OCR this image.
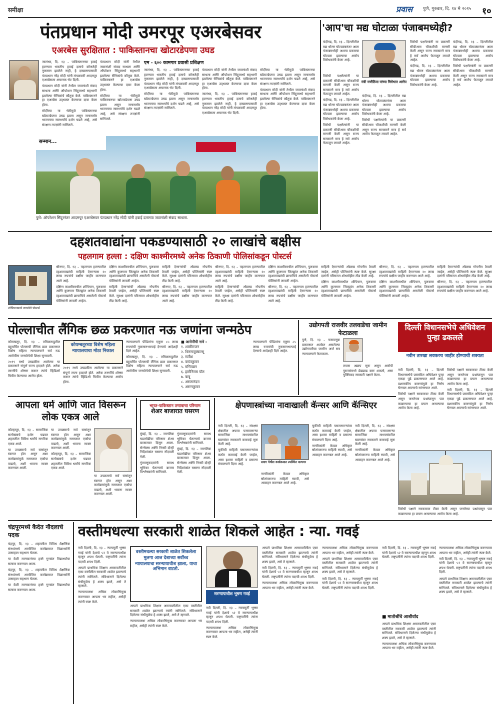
समीक्षा	प्रवास पुणे, गुरुवार, दि. १४ मे २०१५ १०
पंतप्रधान मोदी उमरपूर एअरबेसवर
एअरबेस सुरक्षितात : पाकिस्तानचा खोटारडेपणा उघड

जालंधर, दि. १३ – पाकिस्तानच्या हवाई हल्ल्यात भारतीय हवाई दलाचे कोणतेही नुकसान झालेले नाही, हे दाखवण्यासाठी पंतप्रधान नरेंद्र मोदी यांनी मंगळवारी आदमपूर एअरबेसला अचानक भेट दिली.

पंतप्रधान मोदी यांनी तेथील जवानांशी संवाद साधला आणि ऑपरेशन सिंदूरमध्ये सहभागी झालेल्या सैनिकांचे कौतुक केले. पाकिस्तानने हा एअरबेस उद्ध्वस्त केल्याचा दावा केला होता.

मोदींच्या या भेटीमुळे पाकिस्तानचा खोटारडेपणा उघड झाला असून जगासमोर भारताच्या सामर्थ्याचे दर्शन घडले आहे, असे संरक्षण तज्ज्ञांनी सांगितले.

पंतप्रधान मोदी यांनी तेथील जवानांशी संवाद साधला आणि ऑपरेशन सिंदूरमध्ये सहभागी झालेल्या सैनिकांचे कौतुक केले. पाकिस्तानने हा एअरबेस उद्ध्वस्त केल्याचा दावा केला होता.

मोदींच्या या भेटीमुळे पाकिस्तानचा खोटारडेपणा उघड झाला असून जगासमोर भारताच्या सामर्थ्याचे दर्शन घडले आहे, असे संरक्षण तज्ज्ञांनी सांगितले.

एम - ६०० कामगार प्रवासी प्रशिक्षण

जालंधर, दि. १३ – पाकिस्तानच्या हवाई हल्ल्यात भारतीय हवाई दलाचे कोणतेही नुकसान झालेले नाही, हे दाखवण्यासाठी पंतप्रधान नरेंद्र मोदी यांनी मंगळवारी आदमपूर एअरबेसला अचानक भेट दिली.

मोदींच्या या भेटीमुळे पाकिस्तानचा खोटारडेपणा उघड झाला असून जगासमोर भारताच्या सामर्थ्याचे दर्शन घडले आहे, असे संरक्षण तज्ज्ञांनी सांगितले.

पंतप्रधान मोदी यांनी तेथील जवानांशी संवाद साधला आणि ऑपरेशन सिंदूरमध्ये सहभागी झालेल्या सैनिकांचे कौतुक केले. पाकिस्तानने हा एअरबेस उद्ध्वस्त केल्याचा दावा केला होता.

जालंधर, दि. १३ – पाकिस्तानच्या हवाई हल्ल्यात भारतीय हवाई दलाचे कोणतेही नुकसान झालेले नाही, हे दाखवण्यासाठी पंतप्रधान नरेंद्र मोदी यांनी मंगळवारी आदमपूर एअरबेसला अचानक भेट दिली.

मोदींच्या या भेटीमुळे पाकिस्तानचा खोटारडेपणा उघड झाला असून जगासमोर भारताच्या सामर्थ्याचे दर्शन घडले आहे, असे संरक्षण तज्ज्ञांनी सांगितले.

पंतप्रधान मोदी यांनी तेथील जवानांशी संवाद साधला आणि ऑपरेशन सिंदूरमध्ये सहभागी झालेल्या सैनिकांचे कौतुक केले. पाकिस्तानने हा एअरबेस उद्ध्वस्त केल्याचा दावा केला होता.

सन्मान...
पुणे: ऑपरेशन सिंदूरनंतर आदमपूर एअरबेसवर पंतप्रधान नरेंद्र मोदी यांनी हवाई दलाच्या जवानांशी संवाद साधला.
'आप'चा मद्य घोटाळा पंजाबमध्येही?

चंदीगड, दि. १३ – दिल्लीतील मद्य धोरण घोटाळ्यानंतर आता पंजाबमध्येही अशाच प्रकारचा घोटाळा झाल्याचा आरोप विरोधकांनी केला आहे.

मंत्री मजीठिया यांच्या विरोधात आरोप

विरोधी पक्षनेत्यांनी या प्रकरणी सीबीआय चौकशीची मागणी केली असून राज्य सरकारने मात्र हे सर्व आरोप फेटाळून लावले आहेत.

चंदीगड, दि. १३ – दिल्लीतील मद्य धोरण घोटाळ्यानंतर आता पंजाबमध्येही अशाच प्रकारचा घोटाळा झाल्याचा आरोप विरोधकांनी केला आहे.

विरोधी पक्षनेत्यांनी या प्रकरणी सीबीआय चौकशीची मागणी केली असून राज्य सरकारने मात्र हे सर्व आरोप फेटाळून लावले आहेत.

चंदीगड, दि. १३ – दिल्लीतील मद्य धोरण घोटाळ्यानंतर आता पंजाबमध्येही अशाच प्रकारचा घोटाळा झाल्याचा आरोप विरोधकांनी केला आहे.

विरोधी पक्षनेत्यांनी या प्रकरणी सीबीआय चौकशीची मागणी केली असून राज्य सरकारने मात्र हे सर्व आरोप फेटाळून लावले आहेत.

विरोधी पक्षनेत्यांनी या प्रकरणी सीबीआय चौकशीची मागणी केली असून राज्य सरकारने मात्र हे सर्व आरोप फेटाळून लावले आहेत.

चंदीगड, दि. १३ – दिल्लीतील मद्य धोरण घोटाळ्यानंतर आता पंजाबमध्येही अशाच प्रकारचा घोटाळा झाल्याचा आरोप विरोधकांनी केला आहे.

चंदीगड, दि. १३ – दिल्लीतील मद्य धोरण घोटाळ्यानंतर आता पंजाबमध्येही अशाच प्रकारचा घोटाळा झाल्याचा आरोप विरोधकांनी केला आहे.

विरोधी पक्षनेत्यांनी या प्रकरणी सीबीआय चौकशीची मागणी केली असून राज्य सरकारने मात्र हे सर्व आरोप फेटाळून लावले आहेत.

दहशतवाद्यांना पकडण्यासाठी २० लाखांचे बक्षीस
पहलगाम हल्ला : दक्षिण काश्मीरमध्ये अनेक ठिकाणी पोलिसांकडून पोस्टर्स
शोपियानमध्ये लावलेले पोस्टर्स

श्रीनगर, दि. १३ – पहलगाम हल्ल्यातील दहशतवाद्यांची माहिती देणाऱ्यास २० लाख रुपयांचे बक्षीस जाहीर करण्यात आले आहे.

दक्षिण काश्मीरमधील शोपियान, पुलवामा आणि कुलगाम जिल्ह्यांत अनेक ठिकाणी दहशतवाद्यांची छायाचित्रे असलेली पोस्टर्स पोलिसांनी लावली आहेत.

दक्षिण काश्मीरमधील शोपियान, पुलवामा आणि कुलगाम जिल्ह्यांत अनेक ठिकाणी दहशतवाद्यांची छायाचित्रे असलेली पोस्टर्स पोलिसांनी लावली आहेत.

माहिती देणाऱ्यांची ओळख गोपनीय ठेवली जाईल, असेही पोलिसांनी स्पष्ट केले. सुरक्षा दलांनी परिसरात शोधमोहीम तीव्र केली आहे.

माहिती देणाऱ्यांची ओळख गोपनीय ठेवली जाईल, असेही पोलिसांनी स्पष्ट केले. सुरक्षा दलांनी परिसरात शोधमोहीम तीव्र केली आहे.

श्रीनगर, दि. १३ – पहलगाम हल्ल्यातील दहशतवाद्यांची माहिती देणाऱ्यास २० लाख रुपयांचे बक्षीस जाहीर करण्यात आले आहे.

श्रीनगर, दि. १३ – पहलगाम हल्ल्यातील दहशतवाद्यांची माहिती देणाऱ्यास २० लाख रुपयांचे बक्षीस जाहीर करण्यात आले आहे.

माहिती देणाऱ्यांची ओळख गोपनीय ठेवली जाईल, असेही पोलिसांनी स्पष्ट केले. सुरक्षा दलांनी परिसरात शोधमोहीम तीव्र केली आहे.

दक्षिण काश्मीरमधील शोपियान, पुलवामा आणि कुलगाम जिल्ह्यांत अनेक ठिकाणी दहशतवाद्यांची छायाचित्रे असलेली पोस्टर्स पोलिसांनी लावली आहेत.

श्रीनगर, दि. १३ – पहलगाम हल्ल्यातील दहशतवाद्यांची माहिती देणाऱ्यास २० लाख रुपयांचे बक्षीस जाहीर करण्यात आले आहे.

माहिती देणाऱ्यांची ओळख गोपनीय ठेवली जाईल, असेही पोलिसांनी स्पष्ट केले. सुरक्षा दलांनी परिसरात शोधमोहीम तीव्र केली आहे.

दक्षिण काश्मीरमधील शोपियान, पुलवामा आणि कुलगाम जिल्ह्यांत अनेक ठिकाणी दहशतवाद्यांची छायाचित्रे असलेली पोस्टर्स पोलिसांनी लावली आहेत.

श्रीनगर, दि. १३ – पहलगाम हल्ल्यातील दहशतवाद्यांची माहिती देणाऱ्यास २० लाख रुपयांचे बक्षीस जाहीर करण्यात आले आहे.

दक्षिण काश्मीरमधील शोपियान, पुलवामा आणि कुलगाम जिल्ह्यांत अनेक ठिकाणी दहशतवाद्यांची छायाचित्रे असलेली पोस्टर्स पोलिसांनी लावली आहेत.

माहिती देणाऱ्यांची ओळख गोपनीय ठेवली जाईल, असेही पोलिसांनी स्पष्ट केले. सुरक्षा दलांनी परिसरात शोधमोहीम तीव्र केली आहे.

श्रीनगर, दि. १३ – पहलगाम हल्ल्यातील दहशतवाद्यांची माहिती देणाऱ्यास २० लाख रुपयांचे बक्षीस जाहीर करण्यात आले आहे.

पोल्लाचीत लैंगिक छळ प्रकरणात नऊ जणांना जन्मठेप

कोयम्बतूर, दि. १३ – तमिळनाडूतील बहुचर्चित पोल्लाची लैंगिक छळ प्रकरणात विशेष महिला न्यायालयाने सर्व नऊ आरोपींना जन्मठेपेची शिक्षा सुनावली.

२०१९ मध्ये उघडकीस आलेल्या या प्रकरणाने संपूर्ण राज्य हादरले होते. अनेक तरुणींचे शोषण करून त्यांचे व्हिडिओ चित्रीत केल्याचा आरोप होता.

कोयम्बतूरच्या विशेष महिला न्यायालयाचा मोठा निकाल

२०१९ मध्ये उघडकीस आलेल्या या प्रकरणाने संपूर्ण राज्य हादरले होते. अनेक तरुणींचे शोषण करून त्यांचे व्हिडिओ चित्रीत केल्याचा आरोप होता.

न्यायालयाने पीडितांना एकूण ८५ लाख रुपयांची नुकसानभरपाई देण्याचे आदेशही दिले आहेत.

कोयम्बतूर, दि. १३ – तमिळनाडूतील बहुचर्चित पोल्लाची लैंगिक छळ प्रकरणात विशेष महिला न्यायालयाने सर्व नऊ आरोपींना जन्मठेपेची शिक्षा सुनावली.

■ आरोपींची नावे :
१. शबरीराजन
२. थिरुनावुक्करसू
३. सतीश
४. वसंतकुमार
५. मणिवन्नन
६. हारोनिमस पॉल
७. बाबू
८. अरुलानंदम
९. अरुणकुमार

न्यायालयाने पीडितांना एकूण ८५ लाख रुपयांची नुकसानभरपाई देण्याचे आदेशही दिले आहेत.

उद्योगपती राजवीर तलवाडेचा जामीन फेटाळला

पुणे, दि. १३ – फसवणूक प्रकरणात अटकेत असलेल्या उद्योगपतीचा जामीन अर्ज सत्र न्यायालयाने फेटाळला.

तपास अद्याप सुरू असून आरोपी पुराव्यांमध्ये छेडछाड करू शकतो, असा युक्तिवाद सरकारी पक्षाने केला.

दिल्ली विधानसभेचे अधिवेशन पुन्हा ढकलले
नवीन तारखा लवकरच जाहीर होण्याची शक्यता

नवी दिल्ली, दि. १३ – दिल्ली विधानसभेचे प्रस्तावित अधिवेशन पुन्हा एकदा पुढे ढकलण्यात आले आहे. प्रशासकीय कारणांमुळे हा निर्णय घेण्यात आल्याचे सांगण्यात आले.

विरोधी पक्षाने सरकारवर टीका केली असून जनतेच्या प्रश्नांपासून पळ काढण्याचा हा प्रयत्न असल्याचा आरोप केला आहे.

विरोधी पक्षाने सरकारवर टीका केली असून जनतेच्या प्रश्नांपासून पळ काढण्याचा हा प्रयत्न असल्याचा आरोप केला आहे.

नवी दिल्ली, दि. १३ – दिल्ली विधानसभेचे प्रस्तावित अधिवेशन पुन्हा एकदा पुढे ढकलण्यात आले आहे. प्रशासकीय कारणांमुळे हा निर्णय घेण्यात आल्याचे सांगण्यात आले.

आपला धर्म आणि जात विसरून लोक एकत्र आले

कोल्हापूर, दि. १३ – सामाजिक सलोख्याचे दर्शन घडवत शहरातील विविध धर्मांचे नागरिक एकत्र आले.

या उपक्रमाचे सर्व स्तरांतून स्वागत होत असून अशा कार्यक्रमांमुळे समाजात एकोपा वाढतो, अशी भावना व्यक्त करण्यात आली.

या उपक्रमाचे सर्व स्तरांतून स्वागत होत असून अशा कार्यक्रमांमुळे समाजात एकोपा वाढतो, अशी भावना व्यक्त करण्यात आली.

कोल्हापूर, दि. १३ – सामाजिक सलोख्याचे दर्शन घडवत शहरातील विविध धर्मांचे नागरिक एकत्र आले.

या उपक्रमाचे सर्व स्तरांतून स्वागत होत असून अशा कार्यक्रमांमुळे समाजात एकोपा वाढतो, अशी भावना व्यक्त करण्यात आली.

भारत-पाकिस्तान तणावाचा परिणाम
शेअर बाजारात घसरण

मुंबई, दि. १३ – जागतिक घडामोडींचा परिणाम शेअर बाजारावर दिसून आला. सेन्सेक्स आणि निफ्टी दोन्ही निर्देशांकांत घसरण नोंदवली गेली.

गुंतवणूकदारांनी सावध भूमिका घेतल्याचे बाजार विश्लेषकांनी सांगितले.

गुंतवणूकदारांनी सावध भूमिका घेतल्याचे बाजार विश्लेषकांनी सांगितले.

मुंबई, दि. १३ – जागतिक घडामोडींचा परिणाम शेअर बाजारावर दिसून आला. सेन्सेक्स आणि निफ्टी दोन्ही निर्देशांकांत घसरण नोंदवली गेली.

क्षेपणास्त्रांच्या नावाखाली कॅन्सर आणि कॅन्सिएर

नवी दिल्ली, दि. १३ – संरक्षण क्षेत्रातील अफवा पसरवणाऱ्या सामाजिक माध्यमांवरील खात्यांवर सरकारने कारवाई सुरू केली आहे.

चुकीची माहिती पसरवणाऱ्यांवर कठोर कारवाई केली जाईल, असा इशारा माहिती व प्रसारण मंत्रालयाने दिला आहे.

प्रयाग येथील कार्यक्रमात उपस्थित मान्यवर

नागरिकांनी केवळ अधिकृत स्रोतांवरूनच माहिती घ्यावी, असे आवाहन करण्यात आले आहे.

चुकीची माहिती पसरवणाऱ्यांवर कठोर कारवाई केली जाईल, असा इशारा माहिती व प्रसारण मंत्रालयाने दिला आहे.

नागरिकांनी केवळ अधिकृत स्रोतांवरूनच माहिती घ्यावी, असे आवाहन करण्यात आले आहे.

नवी दिल्ली, दि. १३ – संरक्षण क्षेत्रातील अफवा पसरवणाऱ्या सामाजिक माध्यमांवरील खात्यांवर सरकारने कारवाई सुरू केली आहे.

नागरिकांनी केवळ अधिकृत स्रोतांवरूनच माहिती घ्यावी, असे आवाहन करण्यात आले आहे.

विरोधी पक्षाने सरकारवर टीका केली असून जनतेच्या प्रश्नांपासून पळ काढण्याचा हा प्रयत्न असल्याचा आरोप केला आहे.

चंद्रपूरमध्ये कैदेत नौदलाचे पदक

चंद्रपूर, दि. १३ – शहरातील विविध शैक्षणिक संस्थांमध्ये आयोजित कार्यक्रमात विद्यार्थ्यांनी उत्साहात सहभाग घेतला.

या वेळी मान्यवरांच्या हस्ते गुणवंत विद्यार्थ्यांचा सत्कार करण्यात आला.

चंद्रपूर, दि. १३ – शहरातील विविध शैक्षणिक संस्थांमध्ये आयोजित कार्यक्रमात विद्यार्थ्यांनी उत्साहात सहभाग घेतला.

या वेळी मान्यवरांच्या हस्ते गुणवंत विद्यार्थ्यांचा सत्कार करण्यात आला.

वस्तीमधल्या सरकारी शाळेत शिकले आहेत : न्या. गवई

नवी दिल्ली, दि. १३ – न्यायमूर्ती भूषण गवई यांनी देशाचे ५२ वे सरन्यायाधीश म्हणून शपथ घेतली. राष्ट्रपतींनी त्यांना पदाची शपथ दिली.

आपले प्राथमिक शिक्षण अमरावतीतील एका वस्तीतील सरकारी शाळेत झाल्याचे त्यांनी सांगितले. संविधानाने दिलेल्या संधीमुळेच हे शक्य झाले, असे ते म्हणाले.

न्यायव्यवस्था अधिक लोकाभिमुख करण्यावर आपला भर राहील, असेही त्यांनी स्पष्ट केले.

वस्तीमधल्या सरकारी शाळेत शिकलेला मुलगा आज देशाच्या सर्वोच्च न्यायालयाचा सरन्यायाधीश झाला, याचा अभिमान वाटतो.

आपले प्राथमिक शिक्षण अमरावतीतील एका वस्तीतील सरकारी शाळेत झाल्याचे त्यांनी सांगितले. संविधानाने दिलेल्या संधीमुळेच हे शक्य झाले, असे ते म्हणाले.

न्यायव्यवस्था अधिक लोकाभिमुख करण्यावर आपला भर राहील, असेही त्यांनी स्पष्ट केले.

सरन्यायाधीश भूषण गवई

नवी दिल्ली, दि. १३ – न्यायमूर्ती भूषण गवई यांनी देशाचे ५२ वे सरन्यायाधीश म्हणून शपथ घेतली. राष्ट्रपतींनी त्यांना पदाची शपथ दिली.

न्यायव्यवस्था अधिक लोकाभिमुख करण्यावर आपला भर राहील, असेही त्यांनी स्पष्ट केले.

आपले प्राथमिक शिक्षण अमरावतीतील एका वस्तीतील सरकारी शाळेत झाल्याचे त्यांनी सांगितले. संविधानाने दिलेल्या संधीमुळेच हे शक्य झाले, असे ते म्हणाले.

नवी दिल्ली, दि. १३ – न्यायमूर्ती भूषण गवई यांनी देशाचे ५२ वे सरन्यायाधीश म्हणून शपथ घेतली. राष्ट्रपतींनी त्यांना पदाची शपथ दिली.

न्यायव्यवस्था अधिक लोकाभिमुख करण्यावर आपला भर राहील, असेही त्यांनी स्पष्ट केले.

न्यायव्यवस्था अधिक लोकाभिमुख करण्यावर आपला भर राहील, असेही त्यांनी स्पष्ट केले.

आपले प्राथमिक शिक्षण अमरावतीतील एका वस्तीतील सरकारी शाळेत झाल्याचे त्यांनी सांगितले. संविधानाने दिलेल्या संधीमुळेच हे शक्य झाले, असे ते म्हणाले.

नवी दिल्ली, दि. १३ – न्यायमूर्ती भूषण गवई यांनी देशाचे ५२ वे सरन्यायाधीश म्हणून शपथ घेतली. राष्ट्रपतींनी त्यांना पदाची शपथ दिली.

■ मातोश्रींचे आशीर्वाद

नवी दिल्ली, दि. १३ – न्यायमूर्ती भूषण गवई यांनी देशाचे ५२ वे सरन्यायाधीश म्हणून शपथ घेतली. राष्ट्रपतींनी त्यांना पदाची शपथ दिली.

आपले प्राथमिक शिक्षण अमरावतीतील एका वस्तीतील सरकारी शाळेत झाल्याचे त्यांनी सांगितले. संविधानाने दिलेल्या संधीमुळेच हे शक्य झाले, असे ते म्हणाले.

न्यायव्यवस्था अधिक लोकाभिमुख करण्यावर आपला भर राहील, असेही त्यांनी स्पष्ट केले.

न्यायव्यवस्था अधिक लोकाभिमुख करण्यावर आपला भर राहील, असेही त्यांनी स्पष्ट केले.

नवी दिल्ली, दि. १३ – न्यायमूर्ती भूषण गवई यांनी देशाचे ५२ वे सरन्यायाधीश म्हणून शपथ घेतली. राष्ट्रपतींनी त्यांना पदाची शपथ दिली.

आपले प्राथमिक शिक्षण अमरावतीतील एका वस्तीतील सरकारी शाळेत झाल्याचे त्यांनी सांगितले. संविधानाने दिलेल्या संधीमुळेच हे शक्य झाले, असे ते म्हणाले.
